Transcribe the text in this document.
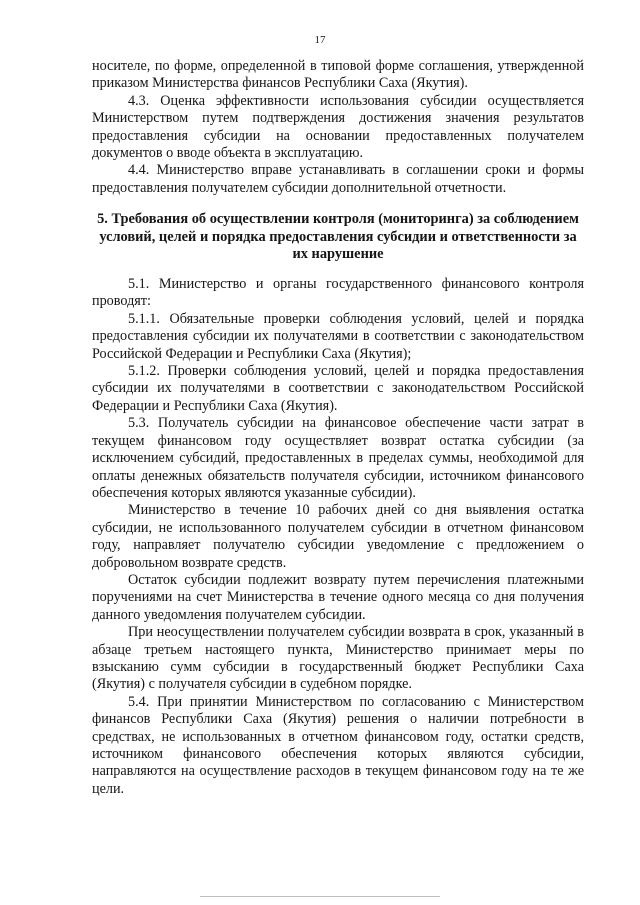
17

носителе, по форме, определенной в типовой форме соглашения, утвержденной приказом Министерства финансов Республики Саха (Якутия).

4.3. Оценка эффективности использования субсидии осуществляется Министерством путем подтверждения достижения значения результатов предоставления субсидии на основании предоставленных получателем документов о вводе объекта в эксплуатацию.

4.4. Министерство вправе устанавливать в соглашении сроки и формы предоставления получателем субсидии дополнительной отчетности.

5. Требования об осуществлении контроля (мониторинга) за соблюдением условий, целей и порядка предоставления субсидии и ответственности за их нарушение

5.1. Министерство и органы государственного финансового контроля проводят:

5.1.1. Обязательные проверки соблюдения условий, целей и порядка предоставления субсидии их получателями в соответствии с законодательством Российской Федерации и Республики Саха (Якутия);

5.1.2. Проверки соблюдения условий, целей и порядка предоставления субсидии их получателями в соответствии с законодательством Российской Федерации и Республики Саха (Якутия).

5.3. Получатель субсидии на финансовое обеспечение части затрат в текущем финансовом году осуществляет возврат остатка субсидии (за исключением субсидий, предоставленных в пределах суммы, необходимой для оплаты денежных обязательств получателя субсидии, источником финансового обеспечения которых являются указанные субсидии).

Министерство в течение 10 рабочих дней со дня выявления остатка субсидии, не использованного получателем субсидии в отчетном финансовом году, направляет получателю субсидии уведомление с предложением о добровольном возврате средств.

Остаток субсидии подлежит возврату путем перечисления платежными поручениями на счет Министерства в течение одного месяца со дня получения данного уведомления получателем субсидии.

При неосуществлении получателем субсидии возврата в срок, указанный в абзаце третьем настоящего пункта, Министерство принимает меры по взысканию сумм субсидии в государственный бюджет Республики Саха (Якутия) с получателя субсидии в судебном порядке.

5.4. При принятии Министерством по согласованию с Министерством финансов Республики Саха (Якутия) решения о наличии потребности в средствах, не использованных в отчетном финансовом году, остатки средств, источником финансового обеспечения которых являются субсидии, направляются на осуществление расходов в текущем финансовом году на те же цели.
